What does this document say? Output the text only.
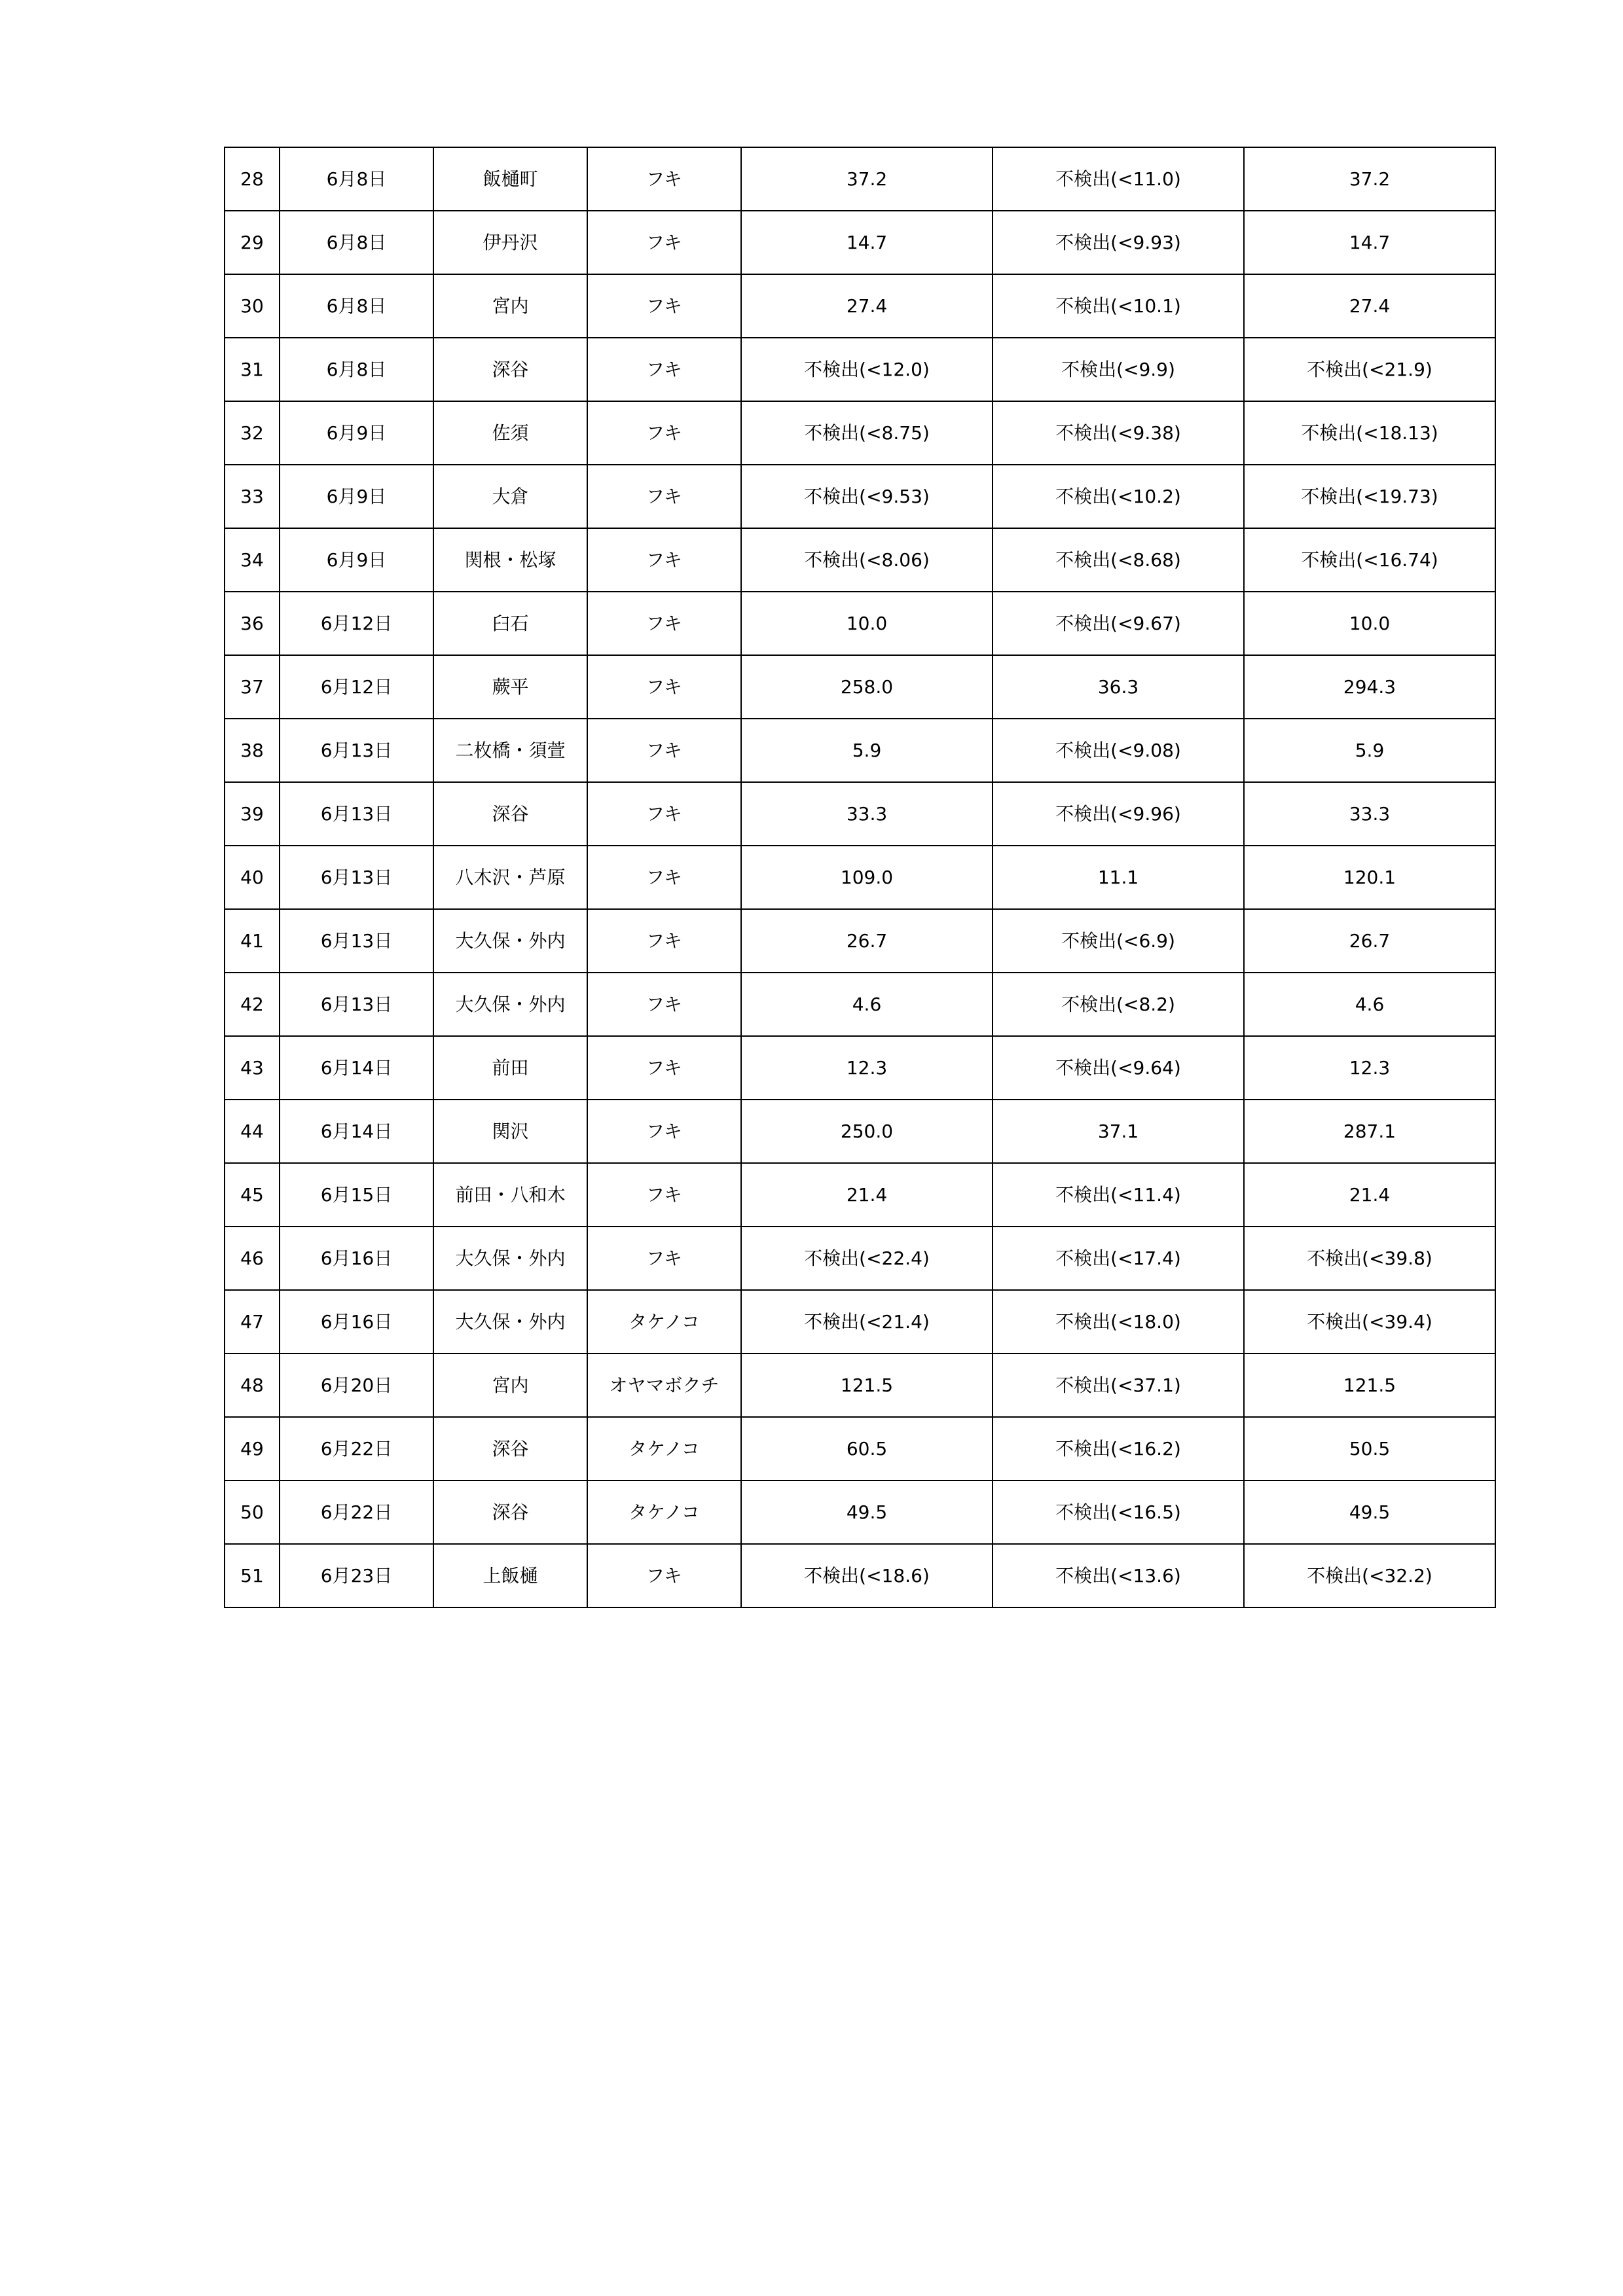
28	6月8日	飯樋町	フキ	37.2	不検出(<11.0)	37.2
29	6月8日	伊丹沢	フキ	14.7	不検出(<9.93)	14.7
30	6月8日	宮内	フキ	27.4	不検出(<10.1)	27.4
31	6月8日	深谷	フキ	不検出(<12.0)	不検出(<9.9)	不検出(<21.9)
32	6月9日	佐須	フキ	不検出(<8.75)	不検出(<9.38)	不検出(<18.13)
33	6月9日	大倉	フキ	不検出(<9.53)	不検出(<10.2)	不検出(<19.73)
34	6月9日	関根・松塚	フキ	不検出(<8.06)	不検出(<8.68)	不検出(<16.74)
36	6月12日	臼石	フキ	10.0	不検出(<9.67)	10.0
37	6月12日	蕨平	フキ	258.0	36.3	294.3
38	6月13日	二枚橋・須萱	フキ	5.9	不検出(<9.08)	5.9
39	6月13日	深谷	フキ	33.3	不検出(<9.96)	33.3
40	6月13日	八木沢・芦原	フキ	109.0	11.1	120.1
41	6月13日	大久保・外内	フキ	26.7	不検出(<6.9)	26.7
42	6月13日	大久保・外内	フキ	4.6	不検出(<8.2)	4.6
43	6月14日	前田	フキ	12.3	不検出(<9.64)	12.3
44	6月14日	関沢	フキ	250.0	37.1	287.1
45	6月15日	前田・八和木	フキ	21.4	不検出(<11.4)	21.4
46	6月16日	大久保・外内	フキ	不検出(<22.4)	不検出(<17.4)	不検出(<39.8)
47	6月16日	大久保・外内	タケノコ	不検出(<21.4)	不検出(<18.0)	不検出(<39.4)
48	6月20日	宮内	オヤマボクチ	121.5	不検出(<37.1)	121.5
49	6月22日	深谷	タケノコ	60.5	不検出(<16.2)	50.5
50	6月22日	深谷	タケノコ	49.5	不検出(<16.5)	49.5
51	6月23日	上飯樋	フキ	不検出(<18.6)	不検出(<13.6)	不検出(<32.2)
